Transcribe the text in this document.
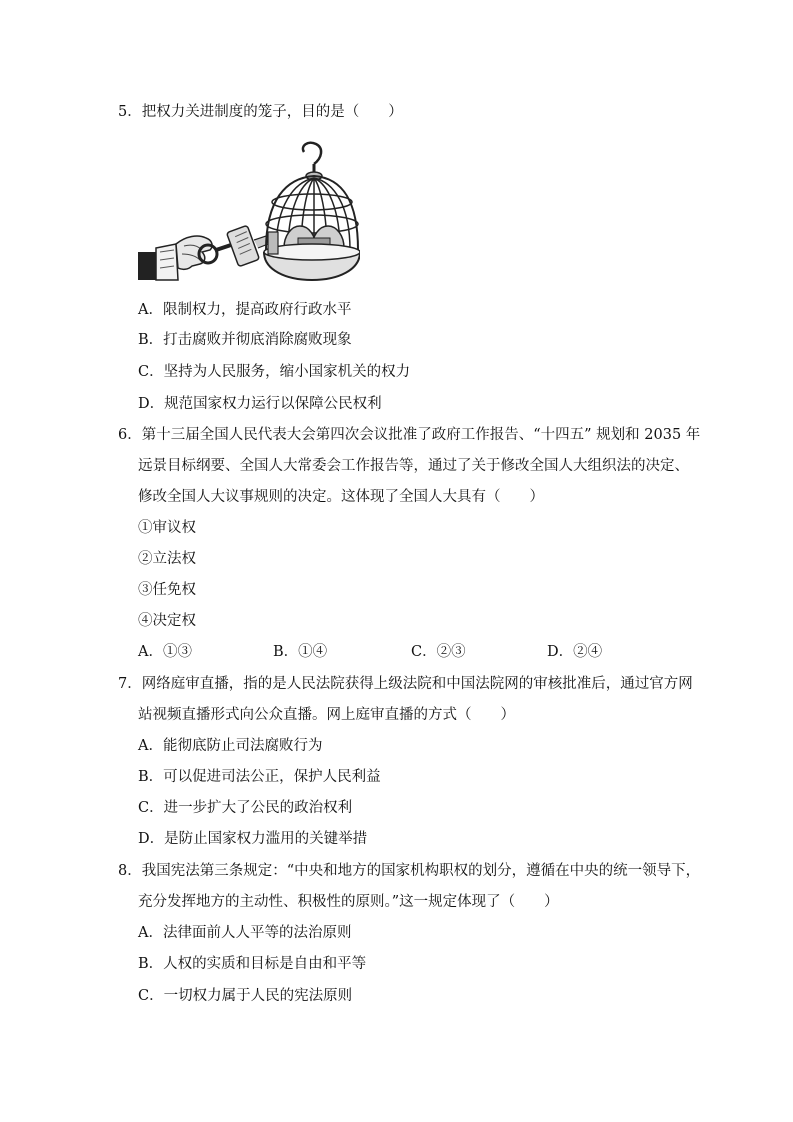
5．把权力关进制度的笼子，目的是（　　）
A．限制权力，提高政府行政水平
B．打击腐败并彻底消除腐败现象
C．坚持为人民服务，缩小国家机关的权力
D．规范国家权力运行以保障公民权利
6．第十三届全国人民代表大会第四次会议批准了政府工作报告、“十四五” 规划和 2035 年
远景目标纲要、全国人大常委会工作报告等，通过了关于修改全国人大组织法的决定、
修改全国人大议事规则的决定。这体现了全国人大具有（　　）
①审议权
②立法权
③任免权
④决定权
A．①③	B．①④	C．②③	D．②④
7．网络庭审直播，指的是人民法院获得上级法院和中国法院网的审核批准后，通过官方网
站视频直播形式向公众直播。网上庭审直播的方式（　　）
A．能彻底防止司法腐败行为
B．可以促进司法公正，保护人民利益
C．进一步扩大了公民的政治权利
D．是防止国家权力滥用的关键举措
8．我国宪法第三条规定：“中央和地方的国家机构职权的划分，遵循在中央的统一领导下，
充分发挥地方的主动性、积极性的原则。”这一规定体现了（　　）
A．法律面前人人平等的法治原则
B．人权的实质和目标是自由和平等
C．一切权力属于人民的宪法原则
